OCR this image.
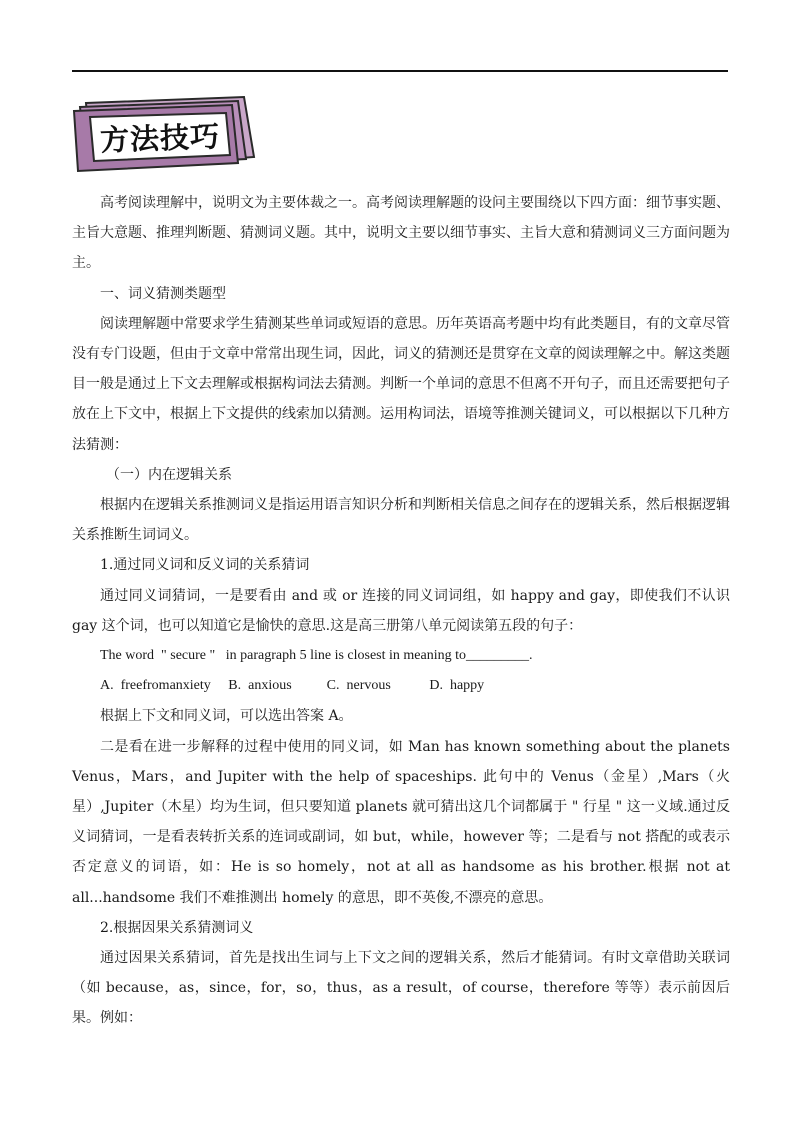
方法技巧

高考阅读理解中，说明文为主要体裁之一。高考阅读理解题的设问主要围绕以下四方面：细节事实题、主旨大意题、推理判断题、猜测词义题。其中，说明文主要以细节事实、主旨大意和猜测词义三方面问题为主。

一、词义猜测类题型

阅读理解题中常要求学生猜测某些单词或短语的意思。历年英语高考题中均有此类题目，有的文章尽管没有专门设题，但由于文章中常常出现生词，因此，词义的猜测还是贯穿在文章的阅读理解之中。解这类题目一般是通过上下文去理解或根据构词法去猜测。判断一个单词的意思不但离不开句子，而且还需要把句子放在上下文中，根据上下文提供的线索加以猜测。运用构词法，语境等推测关键词义，可以根据以下几种方法猜测：

（一）内在逻辑关系

根据内在逻辑关系推测词义是指运用语言知识分析和判断相关信息之间存在的逻辑关系，然后根据逻辑关系推断生词词义。

1.通过同义词和反义词的关系猜词

通过同义词猜词，一是要看由 and 或 or 连接的同义词词组，如 happy and gay，即使我们不认识 gay 这个词，也可以知道它是愉快的意思.这是高三册第八单元阅读第五段的句子：

The word  " secure "   in paragraph 5 line is closest in meaning to_________.

A.  freefromanxiety     B.  anxious          C.  nervous           D.  happy

根据上下文和同义词，可以选出答案 A。

二是看在进一步解释的过程中使用的同义词，如 Man has known something about the planets Venus，Mars，and Jupiter with the help of spaceships. 此句中的 Venus（金星）,Mars（火星）,Jupiter（木星）均为生词，但只要知道 planets 就可猜出这几个词都属于 " 行星 " 这一义域.通过反义词猜词，一是看表转折关系的连词或副词，如 but，while，however 等；二是看与 not 搭配的或表示否定意义的词语，如：He is so homely，not at all as handsome as his brother.根据 not at all...handsome 我们不难推测出 homely 的意思，即不英俊,不漂亮的意思。

2.根据因果关系猜测词义

通过因果关系猜词，首先是找出生词与上下文之间的逻辑关系，然后才能猜词。有时文章借助关联词（如 because，as，since，for，so，thus，as a result，of course，therefore 等等）表示前因后果。例如：
